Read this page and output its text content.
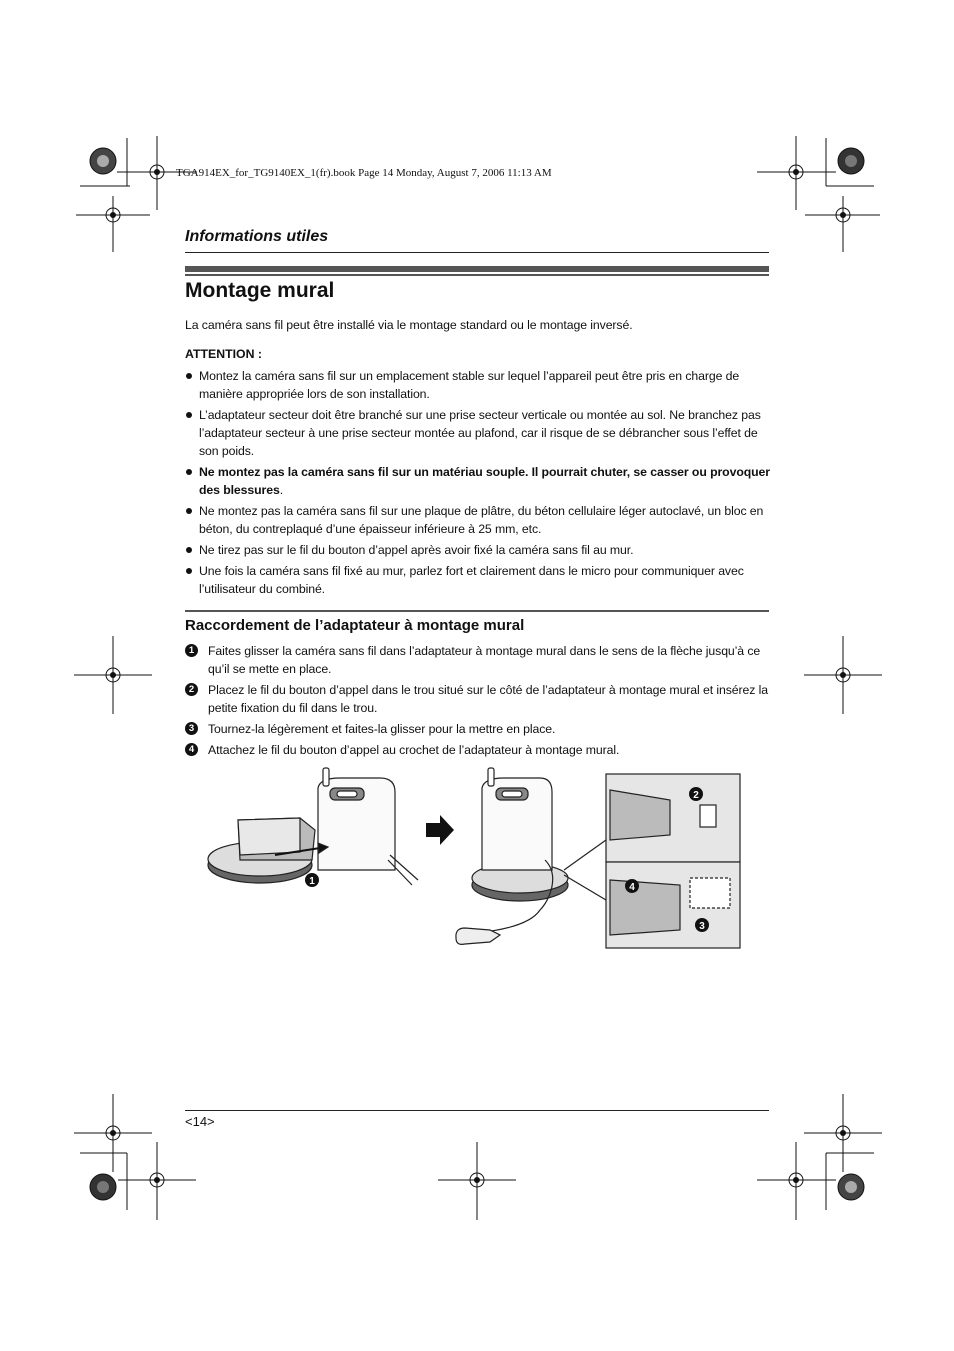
TGA914EX_for_TG9140EX_1(fr).book Page 14 Monday, August 7, 2006 11:13 AM
Informations utiles
Montage mural
La caméra sans fil peut être installé via le montage standard ou le montage inversé.
ATTENTION :
Montez la caméra sans fil sur un emplacement stable sur lequel l’appareil peut être pris en charge de manière appropriée lors de son installation.
L’adaptateur secteur doit être branché sur une prise secteur verticale ou montée au sol. Ne branchez pas l’adaptateur secteur à une prise secteur montée au plafond, car il risque de se débrancher sous l’effet de son poids.
Ne montez pas la caméra sans fil sur un matériau souple. Il pourrait chuter, se casser ou provoquer des blessures.
Ne montez pas la caméra sans fil sur une plaque de plâtre, du béton cellulaire léger autoclavé, un bloc en béton, du contreplaqué d’une épaisseur inférieure à 25 mm, etc.
Ne tirez pas sur le fil du bouton d’appel après avoir fixé la caméra sans fil au mur.
Une fois la caméra sans fil fixé au mur, parlez fort et clairement dans le micro pour communiquer avec l’utilisateur du combiné.
Raccordement de l’adaptateur à montage mural
1	Faites glisser la caméra sans fil dans l’adaptateur à montage mural dans le sens de la flèche jusqu’à ce qu’il se mette en place.
2	Placez le fil du bouton d’appel dans le trou situé sur le côté de l’adaptateur à montage mural et insérez la petite fixation du fil dans le trou.
3	Tournez-la légèrement et faites-la glisser pour la mettre en place.
4	Attachez le fil du bouton d’appel au crochet de l’adaptateur à montage mural.
1
2
4
3
<14>
